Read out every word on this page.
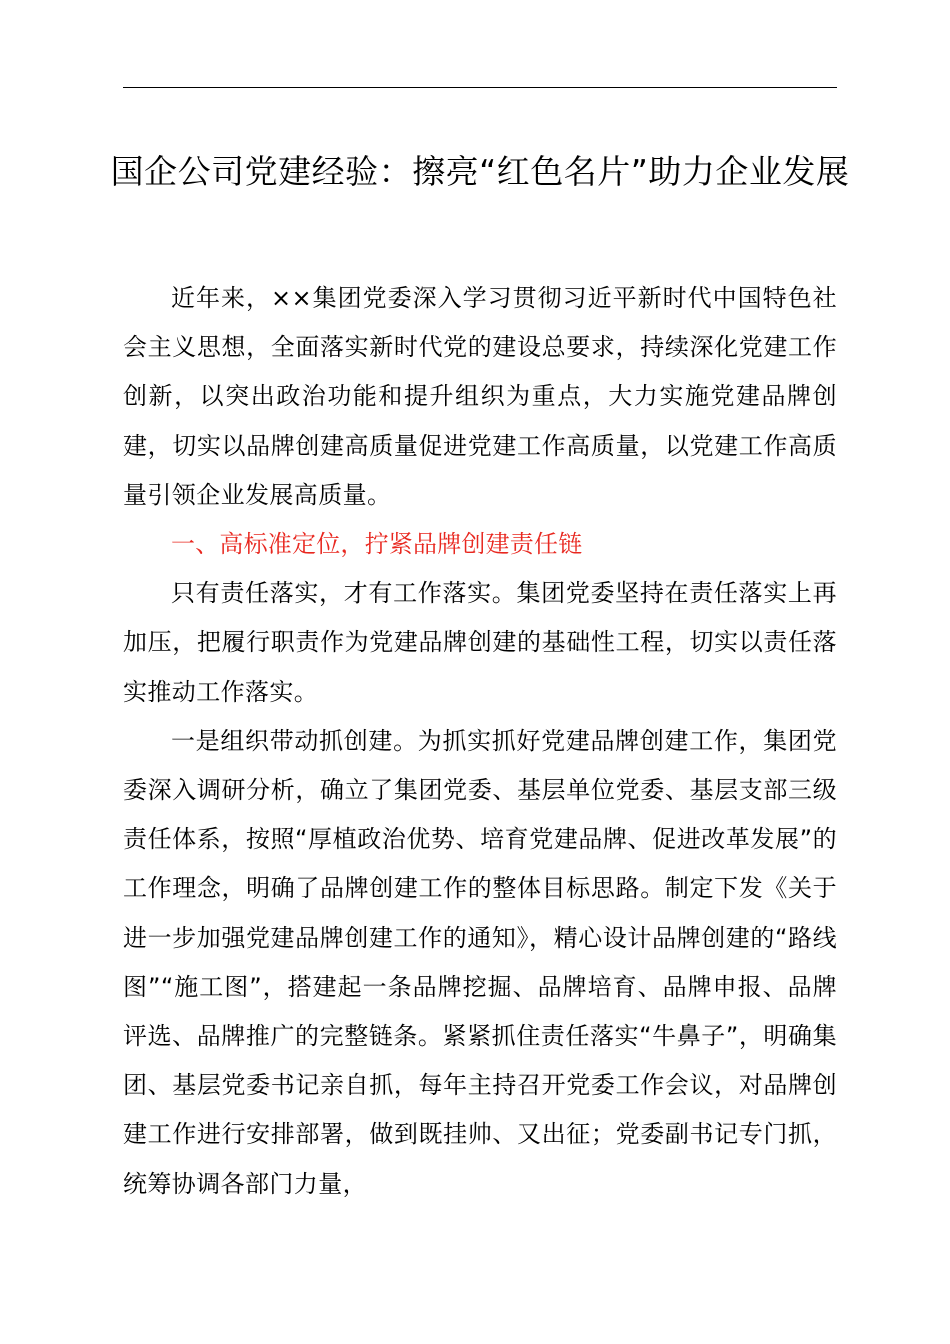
国企公司党建经验：擦亮“红色名片”助力企业发展

近年来，××集团党委深入学习贯彻习近平新时代中国特色社会主义思想，全面落实新时代党的建设总要求，持续深化党建工作创新，以突出政治功能和提升组织为重点，大力实施党建品牌创建，切实以品牌创建高质量促进党建工作高质量，以党建工作高质量引领企业发展高质量。

一、高标准定位，拧紧品牌创建责任链

只有责任落实，才有工作落实。集团党委坚持在责任落实上再加压，把履行职责作为党建品牌创建的基础性工程，切实以责任落实推动工作落实。

一是组织带动抓创建。为抓实抓好党建品牌创建工作，集团党委深入调研分析，确立了集团党委、基层单位党委、基层支部三级责任体系，按照“厚植政治优势、培育党建品牌、促进改革发展”的工作理念，明确了品牌创建工作的整体目标思路。制定下发《关于进一步加强党建品牌创建工作的通知》，精心设计品牌创建的“路线图”“施工图”，搭建起一条品牌挖掘、品牌培育、品牌申报、品牌评选、品牌推广的完整链条。紧紧抓住责任落实“牛鼻子”，明确集团、基层党委书记亲自抓，每年主持召开党委工作会议，对品牌创建工作进行安排部署，做到既挂帅、又出征；党委副书记专门抓，统筹协调各部门力量，
